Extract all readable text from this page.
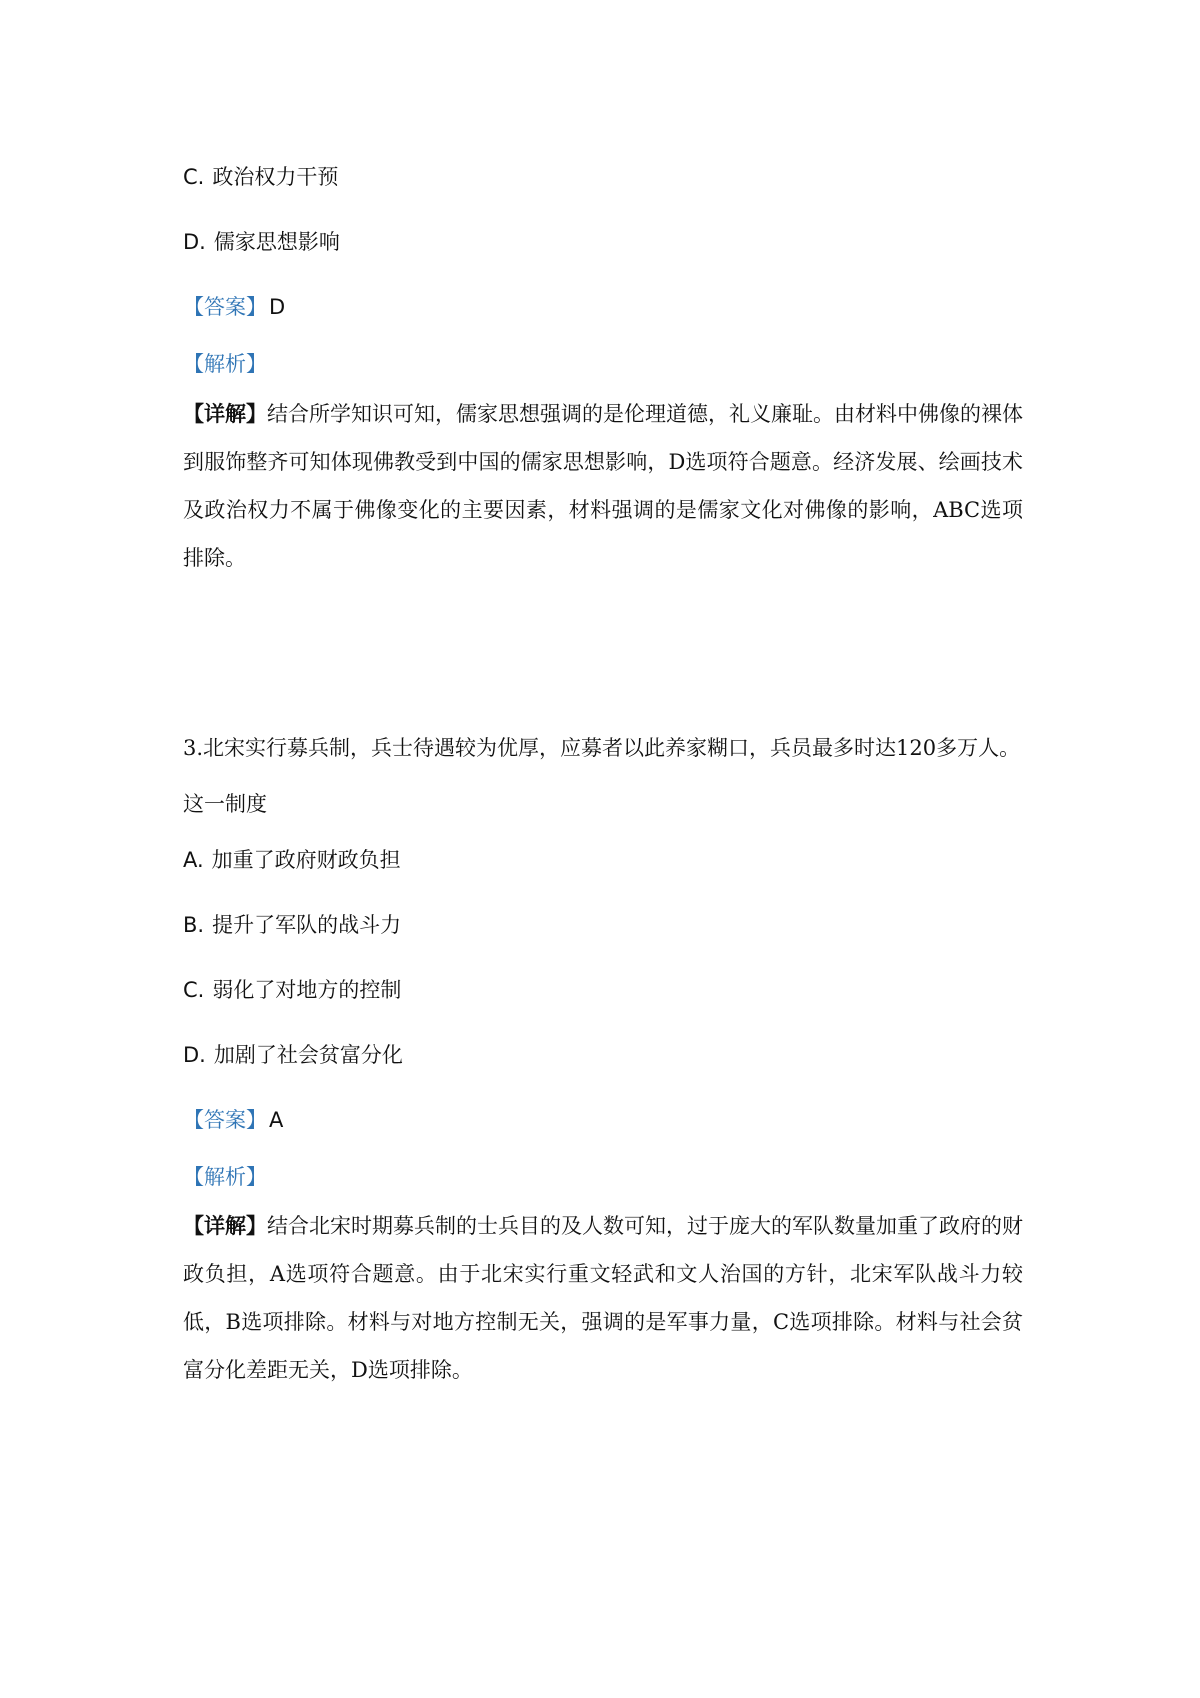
C. 政治权力干预
D. 儒家思想影响
【答案】D
【解析】
【详解】结合所学知识可知，儒家思想强调的是伦理道德，礼义廉耻。由材料中佛像的裸体到服饰整齐可知体现佛教受到中国的儒家思想影响，D选项符合题意。经济发展、绘画技术及政治权力不属于佛像变化的主要因素，材料强调的是儒家文化对佛像的影响，ABC选项排除。
3.北宋实行募兵制，兵士待遇较为优厚，应募者以此养家糊口，兵员最多时达120多万人。
这一制度
A. 加重了政府财政负担
B. 提升了军队的战斗力
C. 弱化了对地方的控制
D. 加剧了社会贫富分化
【答案】A
【解析】
【详解】结合北宋时期募兵制的士兵目的及人数可知，过于庞大的军队数量加重了政府的财政负担，A选项符合题意。由于北宋实行重文轻武和文人治国的方针，北宋军队战斗力较低，B选项排除。材料与对地方控制无关，强调的是军事力量，C选项排除。材料与社会贫富分化差距无关，D选项排除。
